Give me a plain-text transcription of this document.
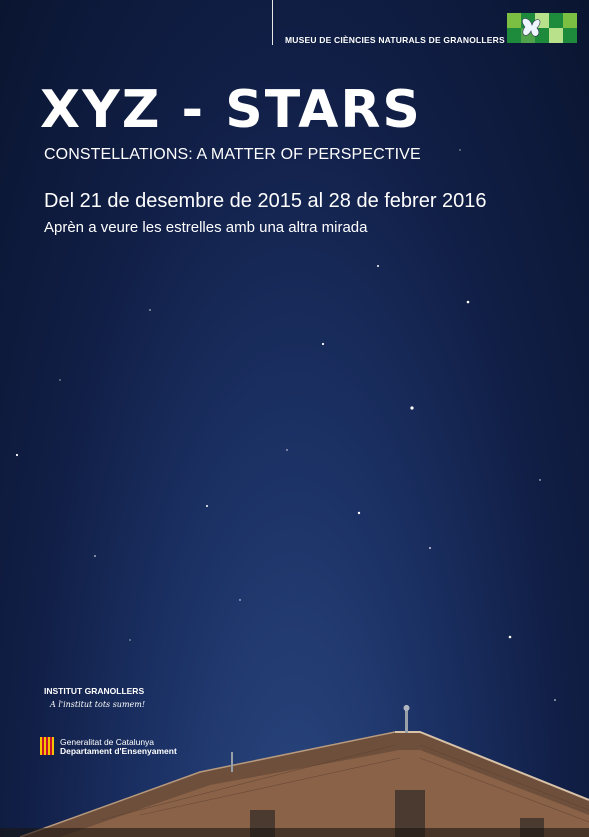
MUSEU DE CIÈNCIES NATURALS DE GRANOLLERS
XYZ - STARS
CONSTELLATIONS: A MATTER OF PERSPECTIVE
Del 21 de desembre de 2015 al 28 de febrer 2016
Aprèn a veure les estrelles amb una altra mirada
INSTITUT GRANOLLERS
A l'institut tots sumem!
Generalitat de Catalunya
Departament d'Ensenyament
